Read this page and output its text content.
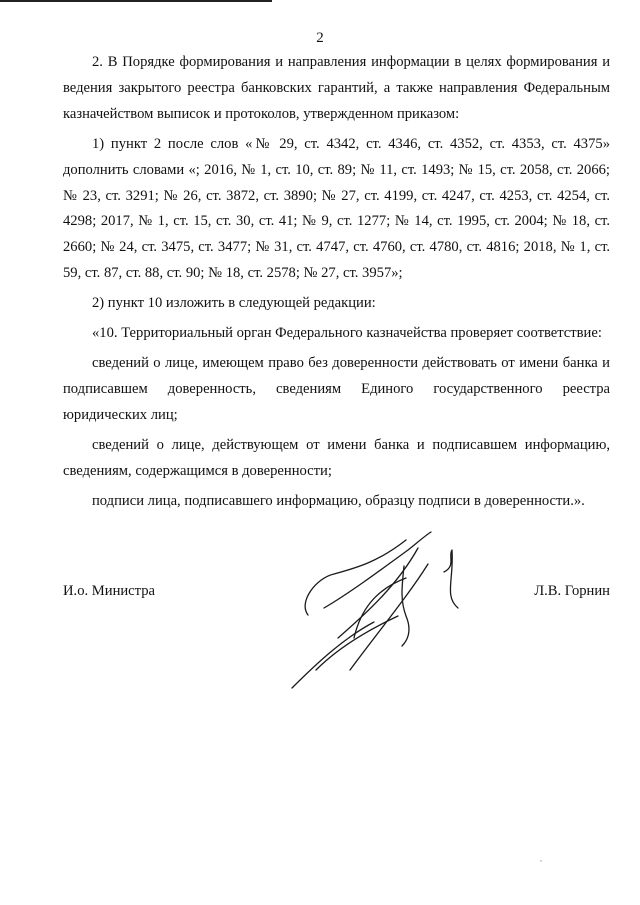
2

2. В Порядке формирования и направления информации в целях формирования и ведения закрытого реестра банковских гарантий, а также направления Федеральным казначейством выписок и протоколов, утвержденном приказом:

1) пункт 2 после слов «№ 29, ст. 4342, ст. 4346, ст. 4352, ст. 4353, ст. 4375» дополнить словами «; 2016, № 1, ст. 10, ст. 89; № 11, ст. 1493; № 15, ст. 2058, ст. 2066; № 23, ст. 3291; № 26, ст. 3872, ст. 3890; № 27, ст. 4199, ст. 4247, ст. 4253, ст. 4254, ст. 4298; 2017, № 1, ст. 15, ст. 30, ст. 41; № 9, ст. 1277; № 14, ст. 1995, ст. 2004; № 18, ст. 2660; № 24, ст. 3475, ст. 3477; № 31, ст. 4747, ст. 4760, ст. 4780, ст. 4816; 2018, № 1, ст. 59, ст. 87, ст. 88, ст. 90; № 18, ст. 2578; № 27, ст. 3957»;

2) пункт 10 изложить в следующей редакции:

«10. Территориальный орган Федерального казначейства проверяет соответствие:

сведений о лице, имеющем право без доверенности действовать от имени банка и подписавшем доверенность, сведениям Единого государственного реестра юридических лиц;

сведений о лице, действующем от имени банка и подписавшем информацию, сведениям, содержащимся в доверенности;

подписи лица, подписавшего информацию, образцу подписи в доверенности.».

И.о. Министра	Л.В. Горнин
